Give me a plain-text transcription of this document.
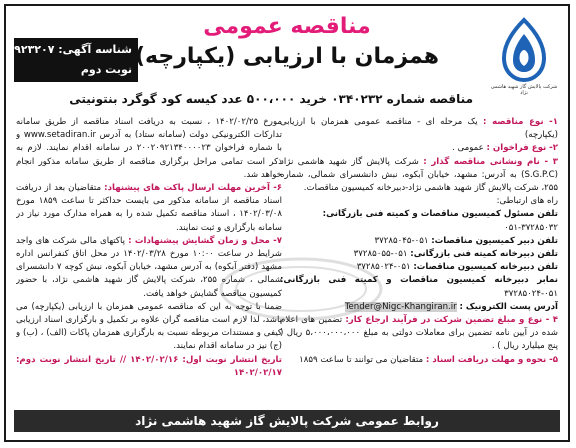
شرکت پالایش گاز شهید هاشمی نژاد
شناسه آگهی: ۱۹۲۳۲۰۷
نوبت دوم
مناقصه عمومی
همزمان با ارزیابی (یکپارچه)
مناقصه شماره ۰۳۴۰۲۳۲ خرید ۵۰۰،۰۰۰ عدد کیسه کود گوگرد بنتونیتی

۱- نوع مناقصه : یک مرحله ای - مناقصه عمومی همزمان با ارزیابی (یکپارچه)

۲- نوع فراخوان : عمومی .

۳ - نام ونشانی مناقصه گذار : شرکت پالایش گاز شهید هاشمی نژاد (S.G.P.C) به آدرس: مشهد، خیابان آبکوه، نبش دانشسرای شمالی، شماره ۲۵۵، شرکت پالایش گاز شهید هاشمی نژاد-دبیرخانه کمیسیون مناقصات.

راه های ارتباطی:

تلفن مسئول کمیسیون مناقصات و کمیته فنی بازرگانی:

۰۵۱-۳۷۲۸۵۰۳۲

تلفن دبیر کمیسیون مناقصات: ۰۵۱-۳۷۲۸۵۰۴۵

تلفن دبیرخانه کمیته فنی بازرگانی: ۰۵۱-۳۷۲۸۵۰۵۵

تلفن دبیرخانه کمیسیون مناقصات: ۰۵۱-۳۷۲۸۵۰۲۴

نمابر دبیرخانه کمیسیون مناقصات و کمیته فنی بازرگانی: ۰۵۱-۳۷۲۸۵۰۲۴

آدرس پست الکترونیک : Tender@Nigc-Khangiran.ir

۴ - نوع و مبلغ تضمین شرکت در فرآیند ارجاع کار: تضمین های اعلام شده در آیین نامه تضمین برای معاملات دولتی به مبلغ ۵،۰۰۰،۰۰۰،۰۰۰ ریال ( پنج میلیارد ریال ) .

۵- نحوه و مهلت دریافت اسناد : متقاضیان می توانند تا ساعت ۱۸۵۹

مورخ ۱۴۰۲/۰۲/۲۵ ، نسبت به دریافت اسناد مناقصه از طریق سامانه تدارکات الکترونیکی دولت (سامانه ستاد) به آدرس www.setadiran.ir و با شماره فراخوان ۲۰۰۲۰۹۲۱۳۴۰۰۰۰۲۳ در سامانه اقدام نمایند. لازم به ذکر است تمامی مراحل برگزاری مناقصه از طریق سامانه مذکور انجام خواهد شد.

۶- آخرین مهلت ارسال پاکت های پیشنهاد: متقاضیان بعد از دریافت اسناد مناقصه از سامانه مذکور می بایست حداکثر تا ساعت ۱۸۵۹ مورخ ۱۴۰۲/۰۳/۰۸ ، اسناد مناقصه تکمیل شده را به همراه مدارک مورد نیاز در سامانه بارگزاری و ثبت نمایند.

۷- محل و زمان گشایش پیشنهادات : پاکتهای مالی شرکت های واجد شرایط در ساعت ۱۰:۰۰ مورخ ۱۴۰۲/۰۳/۲۸ در محل اتاق کنفرانس اداره مشهد (دفتر آبکوه) به آدرس مشهد، خیابان آبکوه، نبش کوچه ۷ دانشسرای شمالی ، شماره ۲۵۵، شرکت پالایش گاز شهید هاشمی نژاد، با حضور کمیسیون مناقصه گشایش خواهد یافت.

ضمنا با توجه به این که مناقصه عمومی همزمان با ارزیابی (یکپارچه) می باشد، لذا لازم است مناقصه گران علاوه بر تکمیل و بارگزاری اسناد ارزیابی کیفی و مستندات مربوطه نسبت به بارگزاری همزمان پاکات (الف) ، (ب) و (ج) نیز در سامانه اقدام نمایند.

تاریخ انتشار نوبت اول: ۱۴۰۲/۰۲/۱۶ // تاریخ انتشار نوبت دوم: ۱۴۰۲/۰۲/۱۷

روابط عمومی شرکت پالایش گاز شهید هاشمی نژاد
